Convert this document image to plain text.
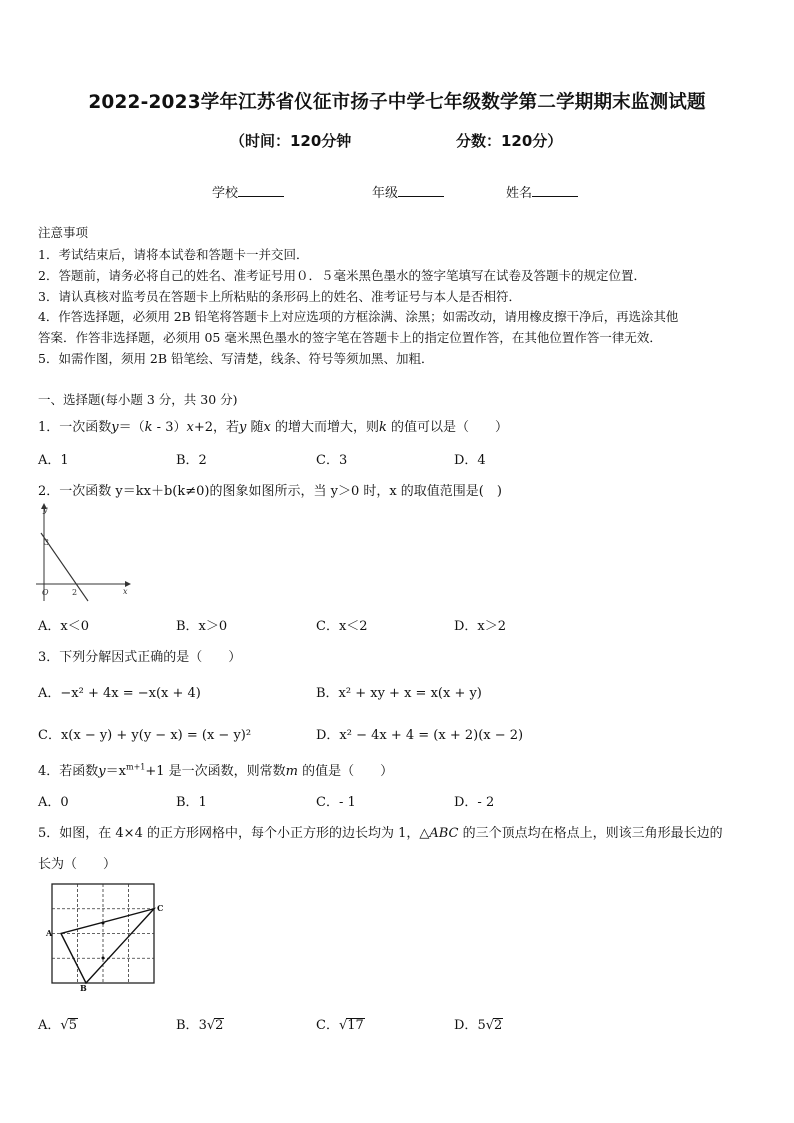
2022-2023学年江苏省仪征市扬子中学七年级数学第二学期期末监测试题
（时间：120分钟	分数：120分）
学校	年级	姓名
注意事项
1．考试结束后，请将本试卷和答题卡一并交回．
2．答题前，请务必将自己的姓名、准考证号用０．５毫米黑色墨水的签字笔填写在试卷及答题卡的规定位置．
3．请认真核对监考员在答题卡上所粘贴的条形码上的姓名、准考证号与本人是否相符．
4．作答选择题，必须用 2B 铅笔将答题卡上对应选项的方框涂满、涂黑；如需改动，请用橡皮擦干净后，再选涂其他
答案．作答非选择题，必须用 05 毫米黑色墨水的签字笔在答题卡上的指定位置作答，在其他位置作答一律无效．
5．如需作图，须用 2B 铅笔绘、写清楚，线条、符号等须加黑、加粗．
一、选择题(每小题 3 分，共 30 分)
1．一次函数y＝（k - 3）x+2，若y 随x 的增大而增大，则k 的值可以是（　　）
A．1	B．2	C．3	D．4
2．一次函数 y＝kx＋b(k≠0)的图象如图所示，当 y＞0 时，x 的取值范围是(　)
y
x
O
3
2
A．x＜0	B．x＞0	C．x＜2	D．x＞2
3．下列分解因式正确的是（　　）
A．−x² + 4x = −x(x + 4)	B．x² + xy + x = x(x + y)
C．x(x − y) + y(y − x) = (x − y)²	D．x² − 4x + 4 = (x + 2)(x − 2)
4．若函数$y=x^{m+1}+1$ 是一次函数，则常数m 的值是（　　）
A．0	B．1	C．- 1	D．- 2
5．如图，在 4×4 的正方形网格中，每个小正方形的边长均为 1，△ABC 的三个顶点均在格点上，则该三角形最长边的
长为（　　）
A
B
C
A．√5	B．3√2	C．√17	D．5√2
